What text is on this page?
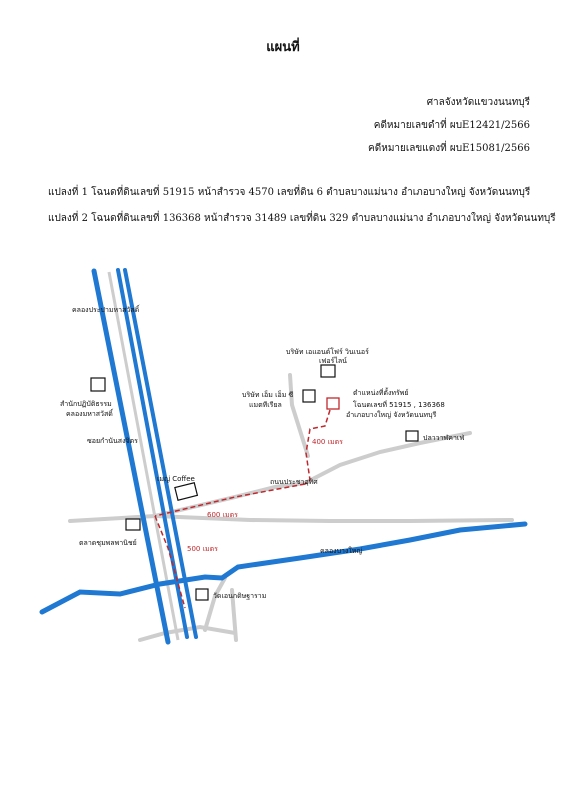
แผนที่
ศาลจังหวัดแขวงนนทบุรี
คดีหมายเลขดำที่ ผบE12421/2566
คดีหมายเลขแดงที่ ผบE15081/2566
แปลงที่ 1 โฉนดที่ดินเลขที่ 51915 หน้าสำรวจ 4570 เลขที่ดิน 6 ตำบลบางแม่นาง อำเภอบางใหญ่ จังหวัดนนทบุรี
แปลงที่ 2 โฉนดที่ดินเลขที่ 136368 หน้าสำรวจ 31489 เลขที่ดิน 329 ตำบลบางแม่นาง อำเภอบางใหญ่ จังหวัดนนทบุรี
คลองประปามหาสวัสดิ์
สำนักปฏิบัติธรรม
คลองมหาสวัสดิ์
ซอยกำนันสงจิตร
เมญ่ Coffee
ตลาดชุมพลพานิชย์
ถนนประชาอุทิศ
บริษัท เอแอนด์โฟร์ วินเนอร์
เฟอร์ไลน์
บริษัท เอ็ม เอ็ม ซี
แมตทีเรียล
ตำแหน่งที่ตั้งทรัพย์
โฉนดเลขที่ 51915 , 136368
อำเภอบางใหญ่ จังหวัดนนทบุรี
400 เมตร
600 เมตร
500 เมตร
ปลาวาฬคาเฟ่
คลองบางใหญ่
วัดเอนกดิษฐาราม
